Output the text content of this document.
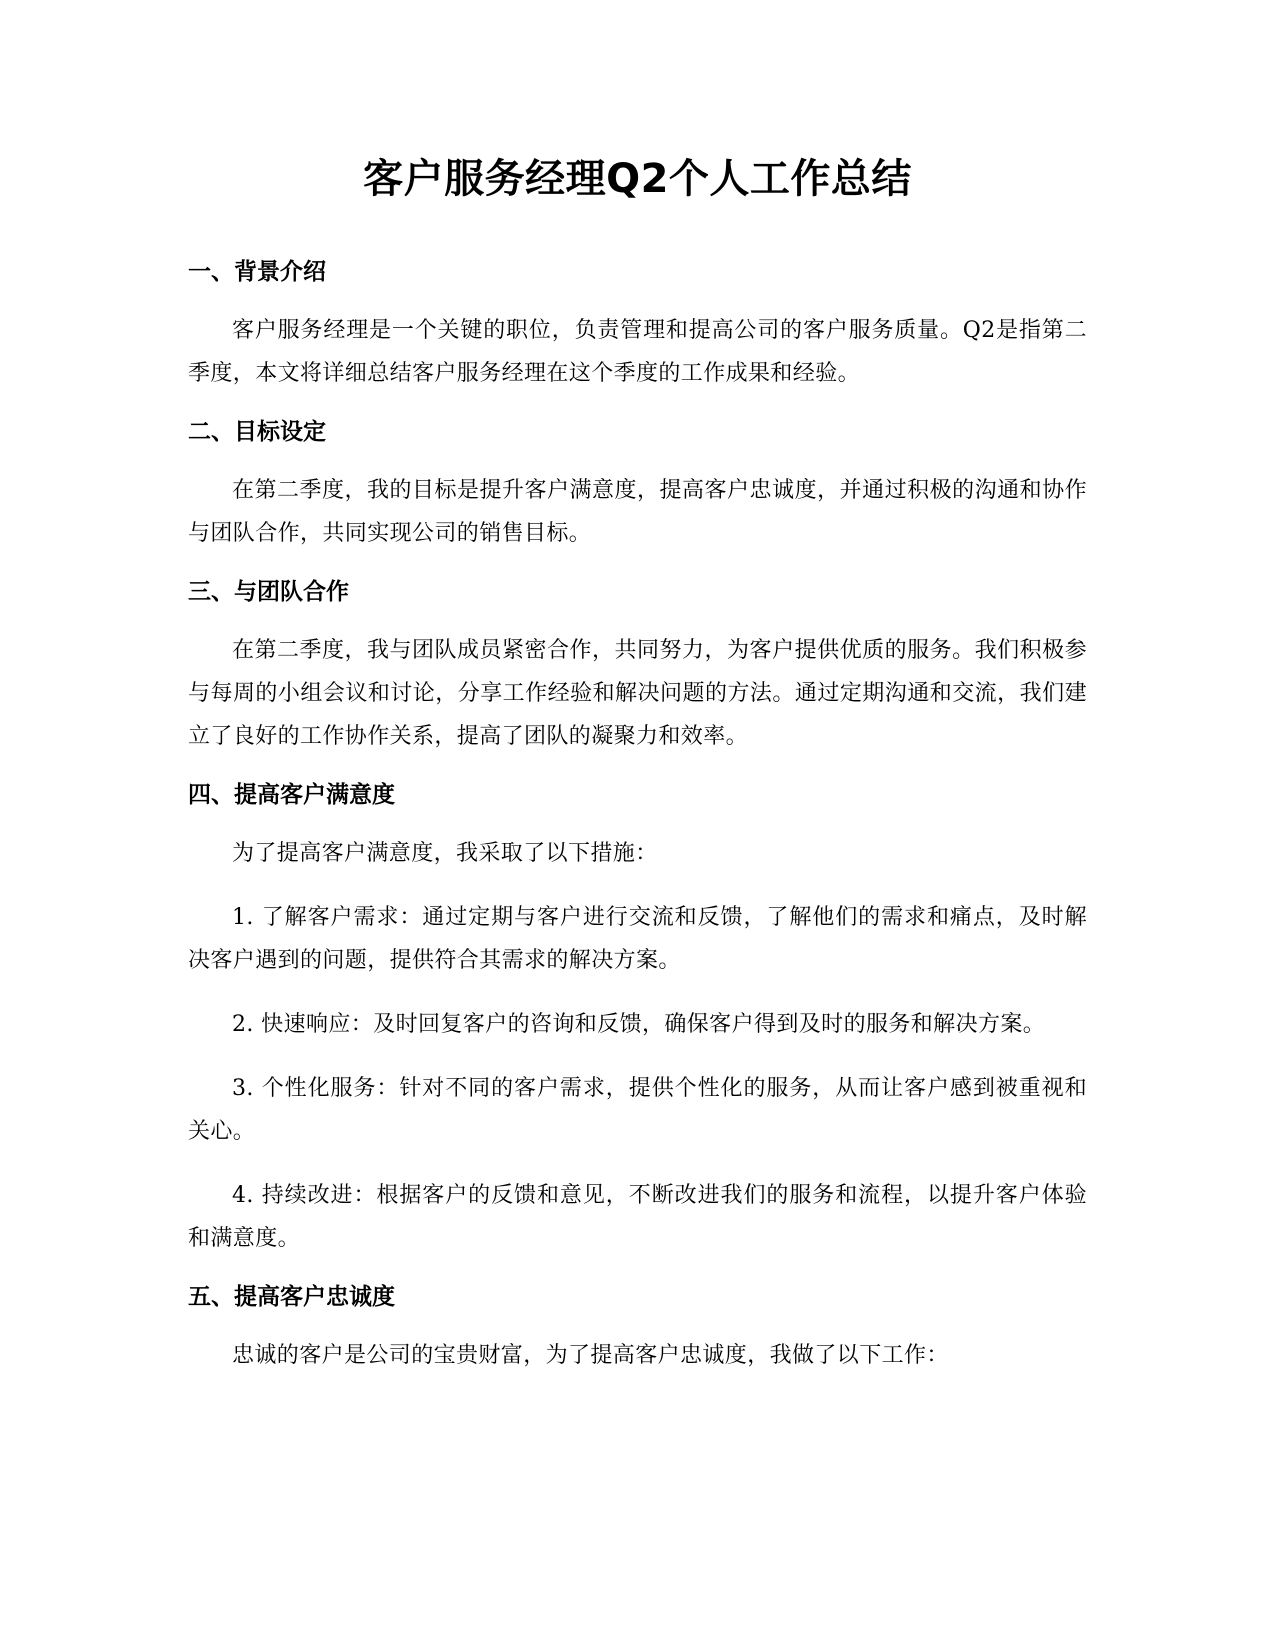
客户服务经理Q2个人工作总结
一、背景介绍

客户服务经理是一个关键的职位，负责管理和提高公司的客户服务质量。Q2是指第二季度，本文将详细总结客户服务经理在这个季度的工作成果和经验。

二、目标设定

在第二季度，我的目标是提升客户满意度，提高客户忠诚度，并通过积极的沟通和协作与团队合作，共同实现公司的销售目标。

三、与团队合作

在第二季度，我与团队成员紧密合作，共同努力，为客户提供优质的服务。我们积极参与每周的小组会议和讨论，分享工作经验和解决问题的方法。通过定期沟通和交流，我们建立了良好的工作协作关系，提高了团队的凝聚力和效率。

四、提高客户满意度

为了提高客户满意度，我采取了以下措施：

1. 了解客户需求：通过定期与客户进行交流和反馈，了解他们的需求和痛点，及时解决客户遇到的问题，提供符合其需求的解决方案。

2. 快速响应：及时回复客户的咨询和反馈，确保客户得到及时的服务和解决方案。

3. 个性化服务：针对不同的客户需求，提供个性化的服务，从而让客户感到被重视和关心。

4. 持续改进：根据客户的反馈和意见，不断改进我们的服务和流程，以提升客户体验和满意度。

五、提高客户忠诚度

忠诚的客户是公司的宝贵财富，为了提高客户忠诚度，我做了以下工作：
